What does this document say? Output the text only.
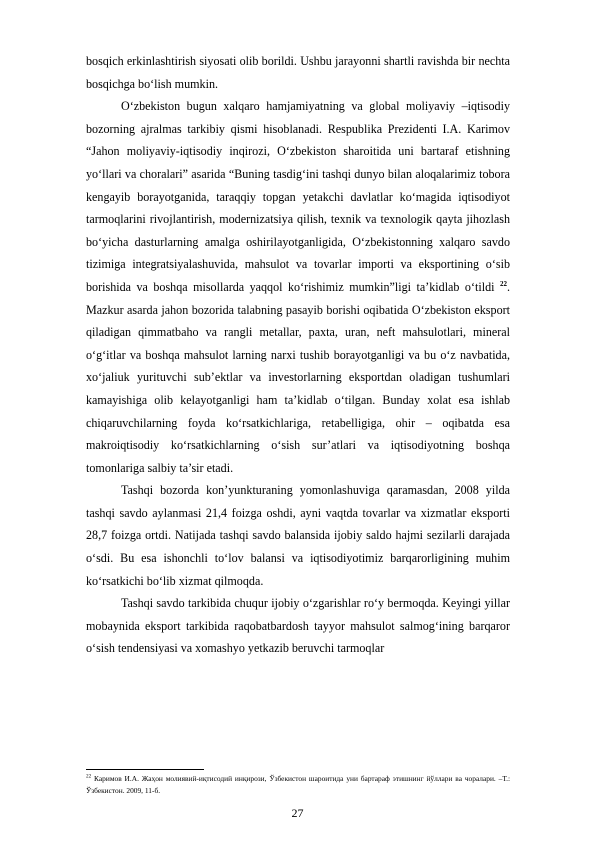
bosqich erkinlashtirish siyosati olib borildi. Ushbu jarayonni shartli ravishda bir nechta bosqichga bo‘lish mumkin.

O‘zbekiston bugun xalqaro hamjamiyatning va global moliyaviy –iqtisodiy bozorning ajralmas tarkibiy qismi hisoblanadi. Respublika Prezidenti I.A. Karimov “Jahon moliyaviy-iqtisodiy inqirozi, O‘zbekiston sharoitida uni bartaraf etishning yo‘llari va choralari” asarida “Buning tasdig‘ini tashqi dunyo bilan aloqalarimiz tobora kengayib borayotganida, taraqqiy topgan yetakchi davlatlar ko‘magida iqtisodiyot tarmoqlarini rivojlantirish, modernizatsiya qilish, texnik va texnologik qayta jihozlash bo‘yicha dasturlarning amalga oshirilayotganligida, O‘zbekistonning xalqaro savdo tizimiga integratsiyalashuvida, mahsulot va tovarlar importi va eksportining o‘sib borishida va boshqa misollarda yaqqol ko‘rishimiz mumkin”ligi ta’kidlab o‘tildi $^{22}$. Mazkur asarda jahon bozorida talabning pasayib borishi oqibatida O‘zbekiston eksport qiladigan qimmatbaho va rangli metallar, paxta, uran, neft mahsulotlari, mineral o‘g‘itlar va boshqa mahsulot larning narxi tushib borayotganligi va bu o‘z navbatida, xo‘jaliuk yurituvchi sub’ektlar va investorlarning eksportdan oladigan tushumlari kamayishiga olib kelayotganligi ham ta’kidlab o‘tilgan. Bunday xolat esa ishlab chiqaruvchilarning foyda ko‘rsatkichlariga, retabelligiga, ohir – oqibatda esa makroiqtisodiy ko‘rsatkichlarning o‘sish sur’atlari va iqtisodiyotning boshqa tomonlariga salbiy ta’sir etadi.

Tashqi bozorda kon’yunkturaning yomonlashuviga qaramasdan, 2008 yilda tashqi savdo aylanmasi 21,4 foizga oshdi, ayni vaqtda tovarlar va xizmatlar eksporti 28,7 foizga ortdi. Natijada tashqi savdo balansida ijobiy saldo hajmi sezilarli darajada o‘sdi. Bu esa ishonchli to‘lov balansi va iqtisodiyotimiz barqarorligining muhim ko‘rsatkichi bo‘lib xizmat qilmoqda.

Tashqi savdo tarkibida chuqur ijobiy o‘zgarishlar ro‘y bermoqda. Keyingi yillar mobaynida eksport tarkibida raqobatbardosh tayyor mahsulot salmog‘ining barqaror o‘sish tendensiyasi va xomashyo yetkazib beruvchi tarmoqlar

$^{22}$ Каримов И.А. Жаҳон молиявий-иқтисодий инқирози, Ўзбекистон шароитида уни бартараф этишнинг йўллари ва чоралари. –Т.: Ўзбекистон. 2009, 11-б.

27
